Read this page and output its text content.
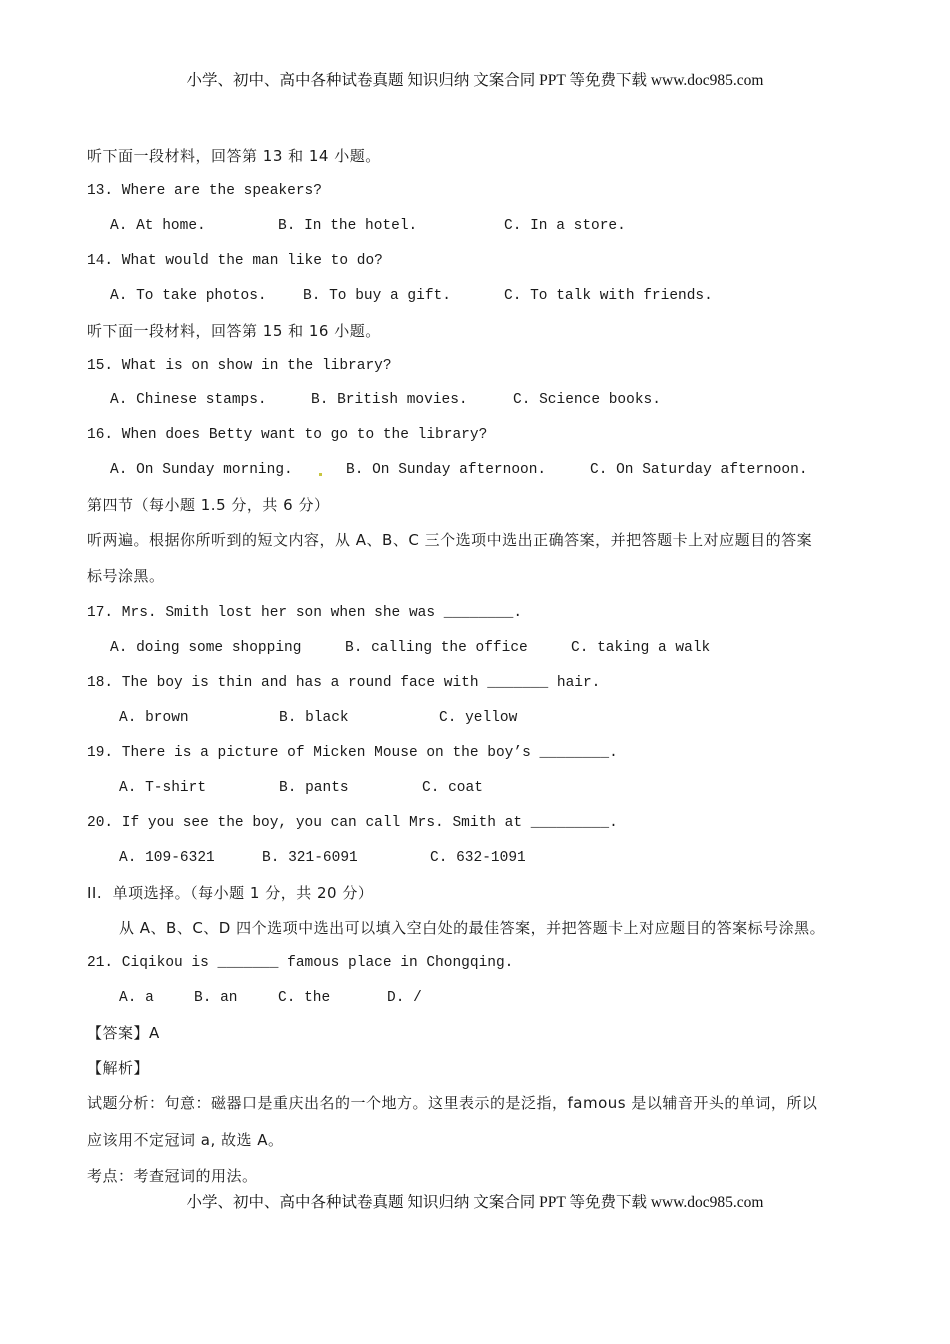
小学、初中、高中各种试卷真题 知识归纳 文案合同 PPT 等免费下载 www.doc985.com
听下面一段材料，回答第 13 和 14 小题。
13. Where are the speakers?
A. At home.	B. In the hotel.	C. In a store.
14. What would the man like to do?
A. To take photos.	B. To buy a gift.	C. To talk with friends.
听下面一段材料，回答第 15 和 16 小题。
15. What is on show in the library?
A. Chinese stamps.	B. British movies.	C. Science books.
16. When does Betty want to go to the library?
A. On Sunday morning.	B. On Sunday afternoon.	C. On Saturday afternoon.
第四节（每小题 1.5 分，共 6 分）
听两遍。根据你所听到的短文内容，从 A、B、C 三个选项中选出正确答案，并把答题卡上对应题目的答案
标号涂黑。
17. Mrs. Smith lost her son when she was ________.
A. doing some shopping	B. calling the office	C. taking a walk
18. The boy is thin and has a round face with _______ hair.
A. brown	B. black	C. yellow
19. There is a picture of Micken Mouse on the boy’s ________.
A. T-shirt	B. pants	C. coat
20. If you see the boy, you can call Mrs. Smith at _________.
A. 109-6321	B. 321-6091	C. 632-1091
II.  单项选择。（每小题 1 分，共 20 分）
从 A、B、C、D 四个选项中选出可以填入空白处的最佳答案，并把答题卡上对应题目的答案标号涂黑。
21. Ciqikou is _______ famous place in Chongqing.
A. a	B. an	C. the	D. /
【答案】A
【解析】
试题分析：句意：磁器口是重庆出名的一个地方。这里表示的是泛指，famous 是以辅音开头的单词，所以
应该用不定冠词 a, 故选 A。
考点：考查冠词的用法。
小学、初中、高中各种试卷真题 知识归纳 文案合同 PPT 等免费下载 www.doc985.com
